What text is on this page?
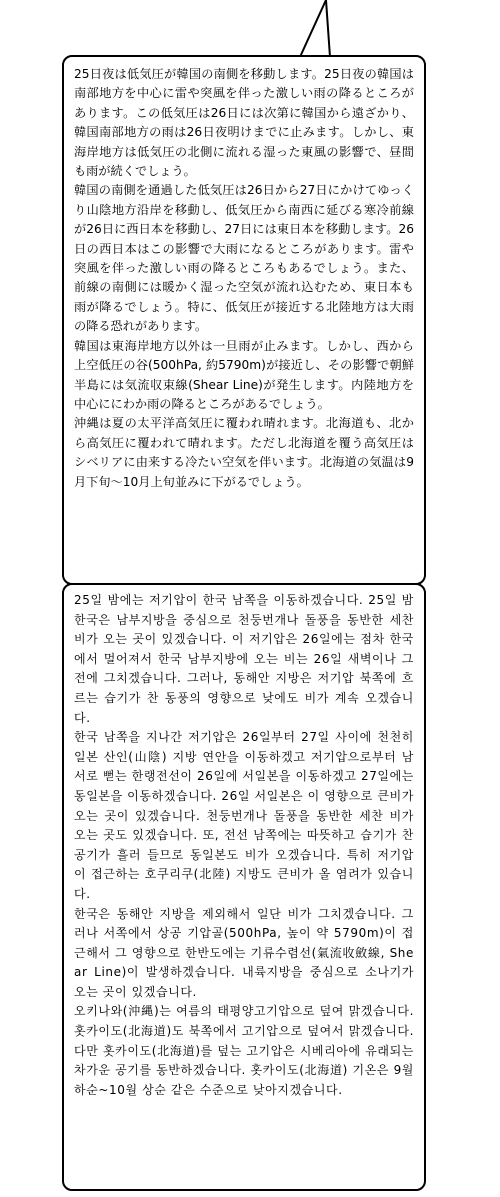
25日夜は低気圧が韓国の南側を移動します。25日夜の韓国は南部地方を中心に雷や突風を伴った激しい雨の降るところがあります。この低気圧は26日には次第に韓国から遠ざかり、韓国南部地方の雨は26日夜明けまでに止みます。しかし、東海岸地方は低気圧の北側に流れる湿った東風の影響で、昼間も雨が続くでしょう。

韓国の南側を通過した低気圧は26日から27日にかけてゆっくり山陰地方沿岸を移動し、低気圧から南西に延びる寒冷前線が26日に西日本を移動し、27日には東日本を移動します。26日の西日本はこの影響で大雨になるところがあります。雷や突風を伴った激しい雨の降るところもあるでしょう。また、前線の南側には暖かく湿った空気が流れ込むため、東日本も雨が降るでしょう。特に、低気圧が接近する北陸地方は大雨の降る恐れがあります。

韓国は東海岸地方以外は一旦雨が止みます。しかし、西から上空低圧の谷(500hPa, 約5790m)が接近し、その影響で朝鮮半島には気流収束線(Shear Line)が発生します。内陸地方を中心ににわか雨の降るところがあるでしょう。

沖縄は夏の太平洋高気圧に覆われ晴れます。北海道も、北から高気圧に覆われて晴れます。ただし北海道を覆う高気圧はシベリアに由来する冷たい空気を伴います。北海道の気温は9月下旬〜10月上旬並みに下がるでしょう。

25일 밤에는 저기압이 한국 남쪽을 이동하겠습니다. 25일 밤 한국은 남부지방을 중심으로 천둥번개나 돌풍을 동반한 세찬 비가 오는 곳이 있겠습니다. 이 저기압은 26일에는 점차 한국에서 멀어져서 한국 남부지방에 오는 비는 26일 새벽이나 그 전에 그치겠습니다. 그러나, 동해안 지방은 저기압 북쪽에 흐르는 습기가 찬 동풍의 영향으로 낮에도 비가 계속 오겠습니다.

한국 남쪽을 지나간 저기압은 26일부터 27일 사이에 천천히 일본 산인(山陰) 지방 연안을 이동하겠고 저기압으로부터 남서로 뻗는 한랭전선이 26일에 서일본을 이동하겠고 27일에는 동일본을 이동하겠습니다. 26일 서일본은 이 영향으로 큰비가 오는 곳이 있겠습니다. 천둥번개나 돌풍을 동반한 세찬 비가 오는 곳도 있겠습니다. 또, 전선 남쪽에는 따뜻하고 습기가 찬 공기가 흘러 들므로 동일본도 비가 오겠습니다. 특히 저기압이 접근하는 호쿠리쿠(北陸) 지방도 큰비가 올 염려가 있습니다.

한국은 동해안 지방을 제외해서 일단 비가 그치겠습니다. 그러나 서쪽에서 상공 기압골(500hPa, 높이 약 5790m)이 접근해서 그 영향으로 한반도에는 기류수렴선(氣流收斂線, Shear Line)이 발생하겠습니다. 내륙지방을 중심으로 소나기가 오는 곳이 있겠습니다.

오키나와(沖縄)는 여름의 태평양고기압으로 덮여 맑겠습니다. 홋카이도(北海道)도 북쪽에서 고기압으로 덮여서 맑겠습니다. 다만 홋카이도(北海道)를 덮는 고기압은 시베리아에 유래되는 차가운 공기를 동반하겠습니다. 홋카이도(北海道) 기온은 9월 하순~10월 상순 같은 수준으로 낮아지겠습니다.
